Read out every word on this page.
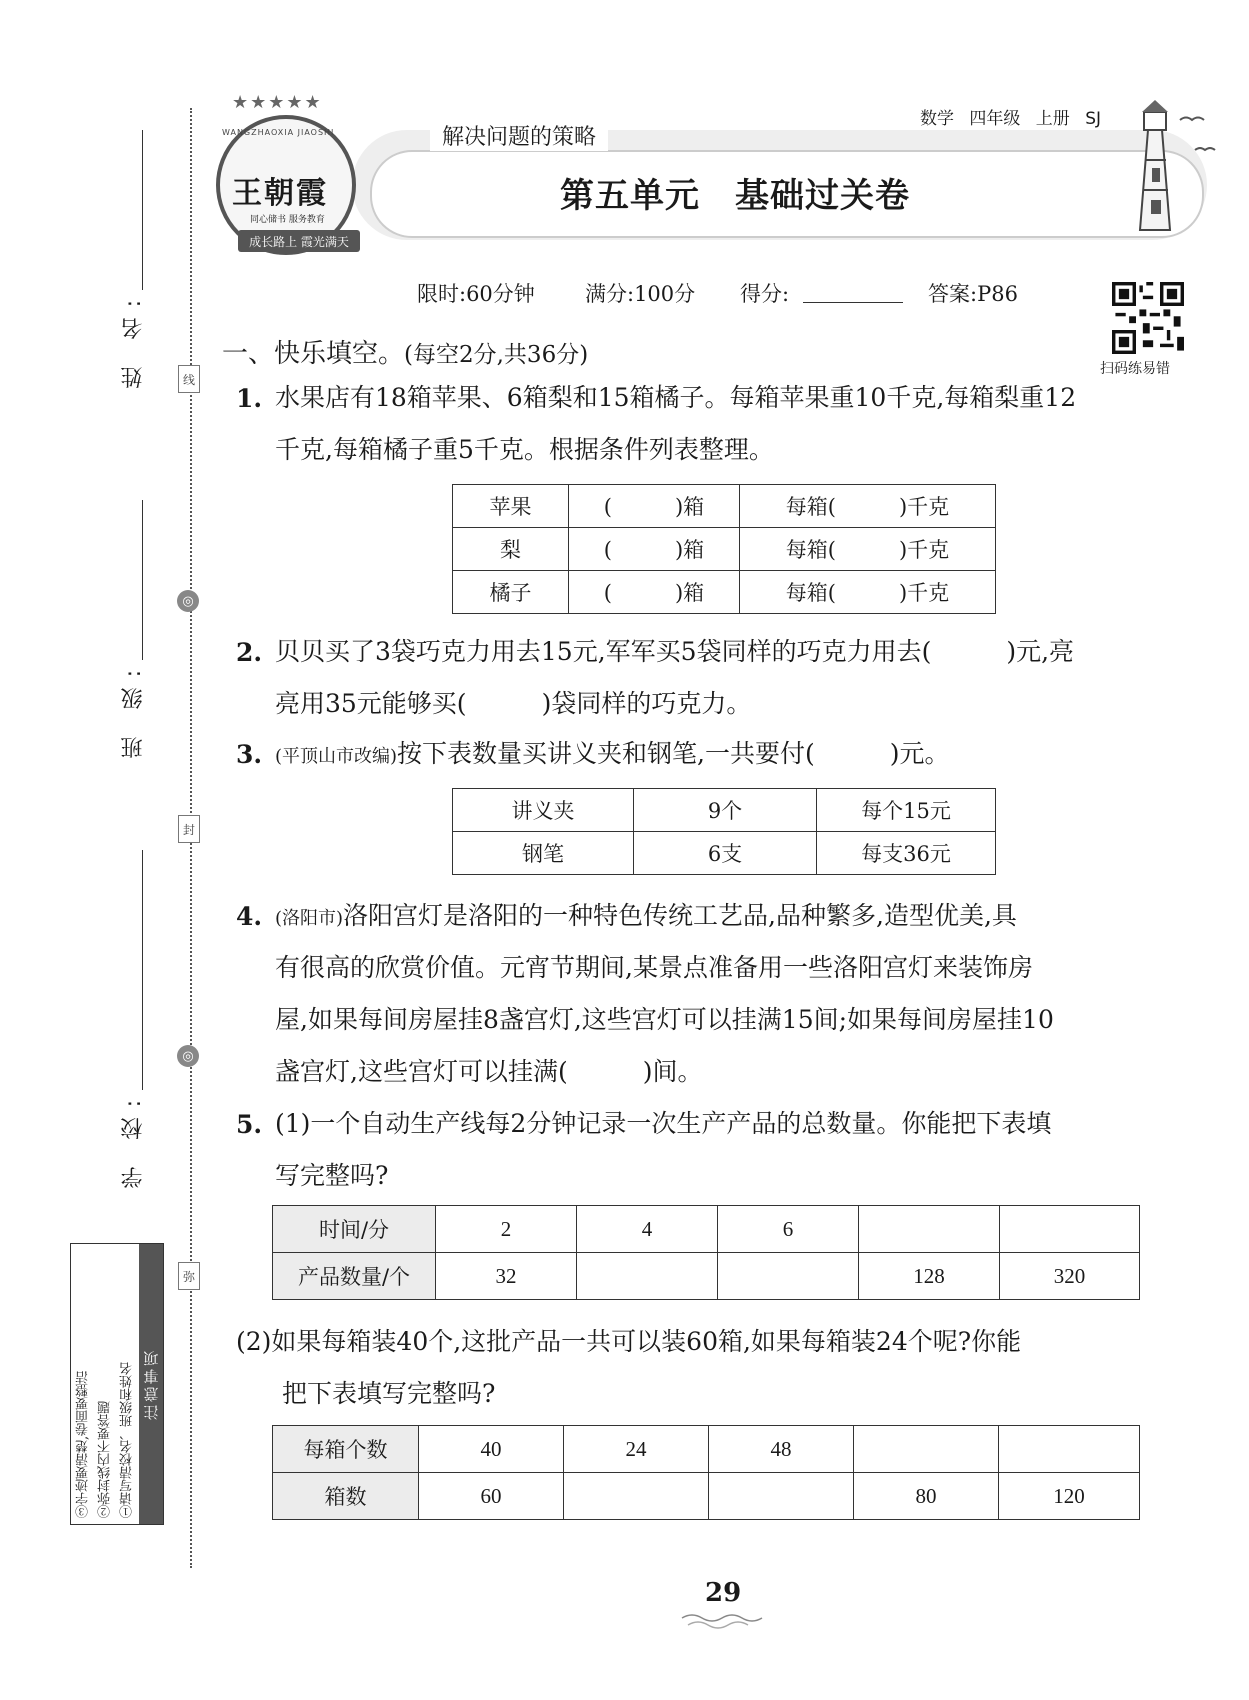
姓 名:
班 级:
学 校:
线
◎
封
◎
弥
注意事项
①请写清校名、班级和姓名
②弥封线内不要答题
③字迹要清楚,卷面要整洁
数学 四年级 上册 SJ
解决问题的策略
第五单元　基础过关卷
★★★★★
WANGZHAOXIA JIAOSHI
王朝霞
同心储书 服务教育
成长路上 霞光满天
限时:60分钟 满分:100分 得分:	答案:P86
扫码练易错
一、快乐填空。(每空2分,共36分)
1. 水果店有18箱苹果、6箱梨和15箱橘子。每箱苹果重10千克,每箱梨重12
千克,每箱橘子重5千克。根据条件列表整理。
苹果	(　　　)箱	每箱(　　　)千克
梨	(　　　)箱	每箱(　　　)千克
橘子	(　　　)箱	每箱(　　　)千克
2. 贝贝买了3袋巧克力用去15元,军军买5袋同样的巧克力用去(　　　)元,亮
亮用35元能够买(　　　)袋同样的巧克力。
3. (平顶山市改编)按下表数量买讲义夹和钢笔,一共要付(　　　)元。
讲义夹	9个	每个15元
钢笔	6支	每支36元
4. (洛阳市)洛阳宫灯是洛阳的一种特色传统工艺品,品种繁多,造型优美,具
有很高的欣赏价值。元宵节期间,某景点准备用一些洛阳宫灯来装饰房
屋,如果每间房屋挂8盏宫灯,这些宫灯可以挂满15间;如果每间房屋挂10
盏宫灯,这些宫灯可以挂满(　　　)间。
5. (1)一个自动生产线每2分钟记录一次生产产品的总数量。你能把下表填
写完整吗?
时间/分	2	4	6		
产品数量/个	32			128	320
(2)如果每箱装40个,这批产品一共可以装60箱,如果每箱装24个呢?你能
把下表填写完整吗?
每箱个数	40	24	48		
箱数	60			80	120
29
